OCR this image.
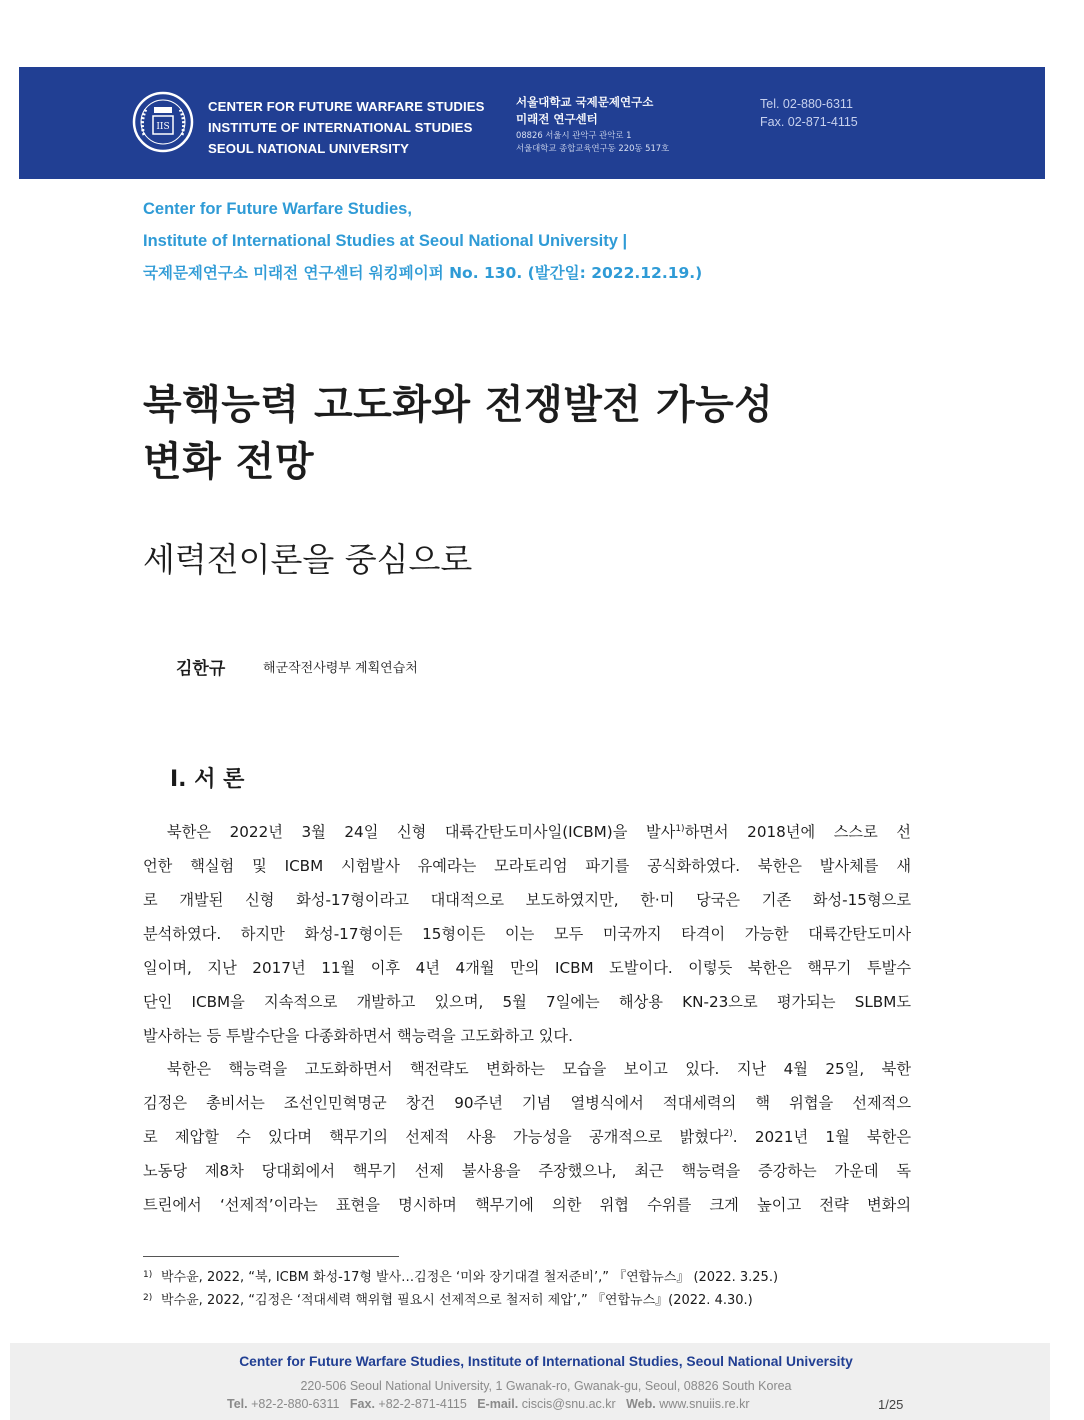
IIS
CENTER FOR FUTURE WARFARE STUDIES
INSTITUTE OF INTERNATIONAL STUDIES
SEOUL NATIONAL UNIVERSITY
서울대학교 국제문제연구소
미래전 연구센터
08826 서울시 관악구 관악로 1
서울대학교 종합교육연구동 220동 517호
Tel. 02-880-6311
Fax. 02-871-4115
Center for Future Warfare Studies,
Institute of International Studies at Seoul National University |
국제문제연구소 미래전 연구센터 워킹페이퍼 No. 130. (발간일: 2022.12.19.)
북핵능력 고도화와 전쟁발전 가능성
변화 전망
세력전이론을 중심으로
김한규	해군작전사령부 계획연습처
I. 서 론
북한은 2022년 3월 24일 신형 대륙간탄도미사일(ICBM)을 발사$^{1)}$하면서 2018년에 스스로 선
언한 핵실험 및 ICBM 시험발사 유예라는 모라토리엄 파기를 공식화하였다. 북한은 발사체를 새
로 개발된 신형 화성-17형이라고 대대적으로 보도하였지만, 한·미 당국은 기존 화성-15형으로
분석하였다. 하지만 화성-17형이든 15형이든 이는 모두 미국까지 타격이 가능한 대륙간탄도미사
일이며, 지난 2017년 11월 이후 4년 4개월 만의 ICBM 도발이다. 이렇듯 북한은 핵무기 투발수
단인 ICBM을 지속적으로 개발하고 있으며, 5월 7일에는 해상용 KN-23으로 평가되는 SLBM도
발사하는 등 투발수단을 다종화하면서 핵능력을 고도화하고 있다.
북한은 핵능력을 고도화하면서 핵전략도 변화하는 모습을 보이고 있다. 지난 4월 25일, 북한
김정은 총비서는 조선인민혁명군 창건 90주년 기념 열병식에서 적대세력의 핵 위협을 선제적으
로 제압할 수 있다며 핵무기의 선제적 사용 가능성을 공개적으로 밝혔다$^{2)}$. 2021년 1월 북한은
노동당 제8차 당대회에서 핵무기 선제 불사용을 주장했으나, 최근 핵능력을 증강하는 가운데 독
트린에서 ‘선제적’이라는 표현을 명시하며 핵무기에 의한 위협 수위를 크게 높이고 전략 변화의
1) 박수윤, 2022, “북, ICBM 화성-17형 발사…김정은 ‘미와 장기대결 철저준비’,” 『연합뉴스』 (2022. 3.25.)
2) 박수윤, 2022, “김정은 ‘적대세력 핵위협 필요시 선제적으로 철저히 제압’,” 『연합뉴스』(2022. 4.30.)
Center for Future Warfare Studies, Institute of International Studies, Seoul National University
220-506 Seoul National University, 1 Gwanak-ro, Gwanak-gu, Seoul, 08826 South Korea
Tel. +82-2-880-6311 Fax. +82-2-871-4115 E-mail. ciscis@snu.ac.kr Web. www.snuiis.re.kr	1/25
